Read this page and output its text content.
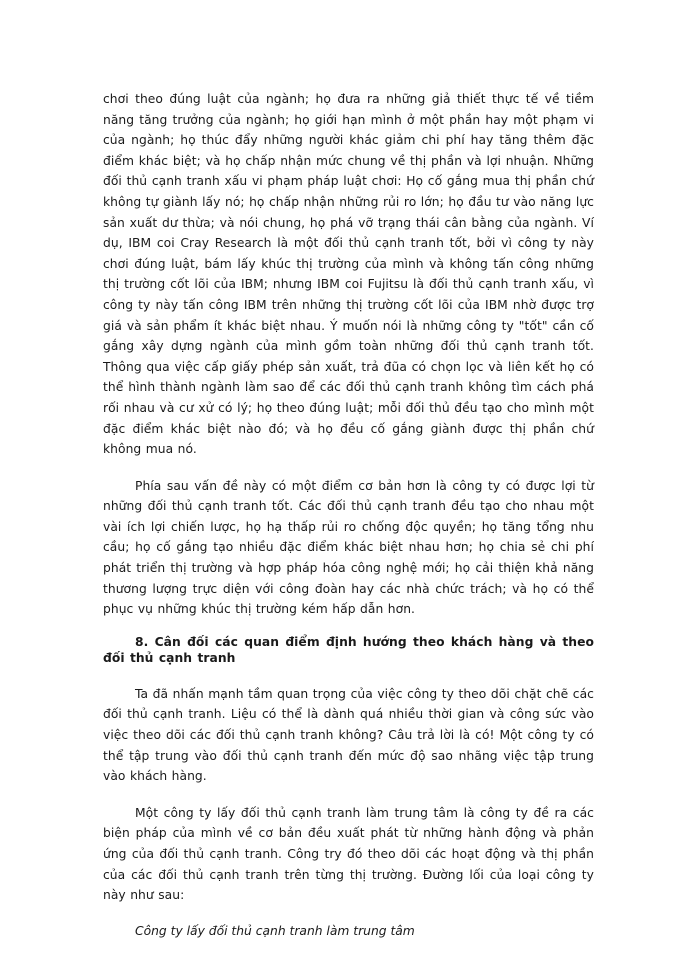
chơi theo đúng luật của ngành; họ đưa ra những giả thiết thực tế về tiềm năng tăng trưởng của ngành; họ giới hạn mình ở một phần hay một phạm vi của ngành; họ thúc đẩy những người khác giảm chi phí hay tăng thêm đặc điểm khác biệt; và họ chấp nhận mức chung về thị phần và lợi nhuận. Những đối thủ cạnh tranh xấu vi phạm pháp luật chơi: Họ cố gắng mua thị phần chứ không tự giành lấy nó; họ chấp nhận những rủi ro lớn; họ đầu tư vào năng lực sản xuất dư thừa; và nói chung, họ phá vỡ trạng thái cân bằng của ngành. Ví dụ, IBM coi Cray Research là một đối thủ cạnh tranh tốt, bởi vì công ty này chơi đúng luật, bám lấy khúc thị trường của mình và không tấn công những thị trường cốt lõi của IBM; nhưng IBM coi Fujitsu là đối thủ cạnh tranh xấu, vì công ty này tấn công IBM trên những thị trường cốt lõi của IBM nhờ được trợ giá và sản phẩm ít khác biệt nhau. Ý muốn nói là những công ty "tốt" cần cố gắng xây dựng ngành của mình gồm toàn những đối thủ cạnh tranh tốt. Thông qua việc cấp giấy phép sản xuất, trả đũa có chọn lọc và liên kết họ có thể hình thành ngành làm sao để các đối thủ cạnh tranh không tìm cách phá rối nhau và cư xử có lý; họ theo đúng luật; mỗi đối thủ đều tạo cho mình một đặc điểm khác biệt nào đó; và họ đều cố gắng giành được thị phần chứ không mua nó.

Phía sau vấn đề này có một điểm cơ bản hơn là công ty có được lợi từ những đối thủ cạnh tranh tốt. Các đối thủ cạnh tranh đều tạo cho nhau một vài ích lợi chiến lược, họ hạ thấp rủi ro chống độc quyền; họ tăng tổng nhu cầu; họ cố gắng tạo nhiều đặc điểm khác biệt nhau hơn; họ chia sẻ chi phí phát triển thị trường và hợp pháp hóa công nghệ mới; họ cải thiện khả năng thương lượng trực diện với công đoàn hay các nhà chức trách; và họ có thể phục vụ những khúc thị trường kém hấp dẫn hơn.

8. Cân đối các quan điểm định hướng theo khách hàng và theo đối thủ cạnh tranh

Ta đã nhấn mạnh tầm quan trọng của việc công ty theo dõi chặt chẽ các đối thủ cạnh tranh. Liệu có thể là dành quá nhiều thời gian và công sức vào việc theo dõi các đối thủ cạnh tranh không? Câu trả lời là có! Một công ty có thể tập trung vào đối thủ cạnh tranh đến mức độ sao nhãng việc tập trung vào khách hàng.

Một công ty lấy đối thủ cạnh tranh làm trung tâm là công ty đề ra các biện pháp của mình về cơ bản đều xuất phát từ những hành động và phản ứng của đối thủ cạnh tranh. Công try đó theo dõi các hoạt động và thị phần của các đối thủ cạnh tranh trên từng thị trường. Đường lối của loại công ty này như sau:

Công ty lấy đối thủ cạnh tranh làm trung tâm
